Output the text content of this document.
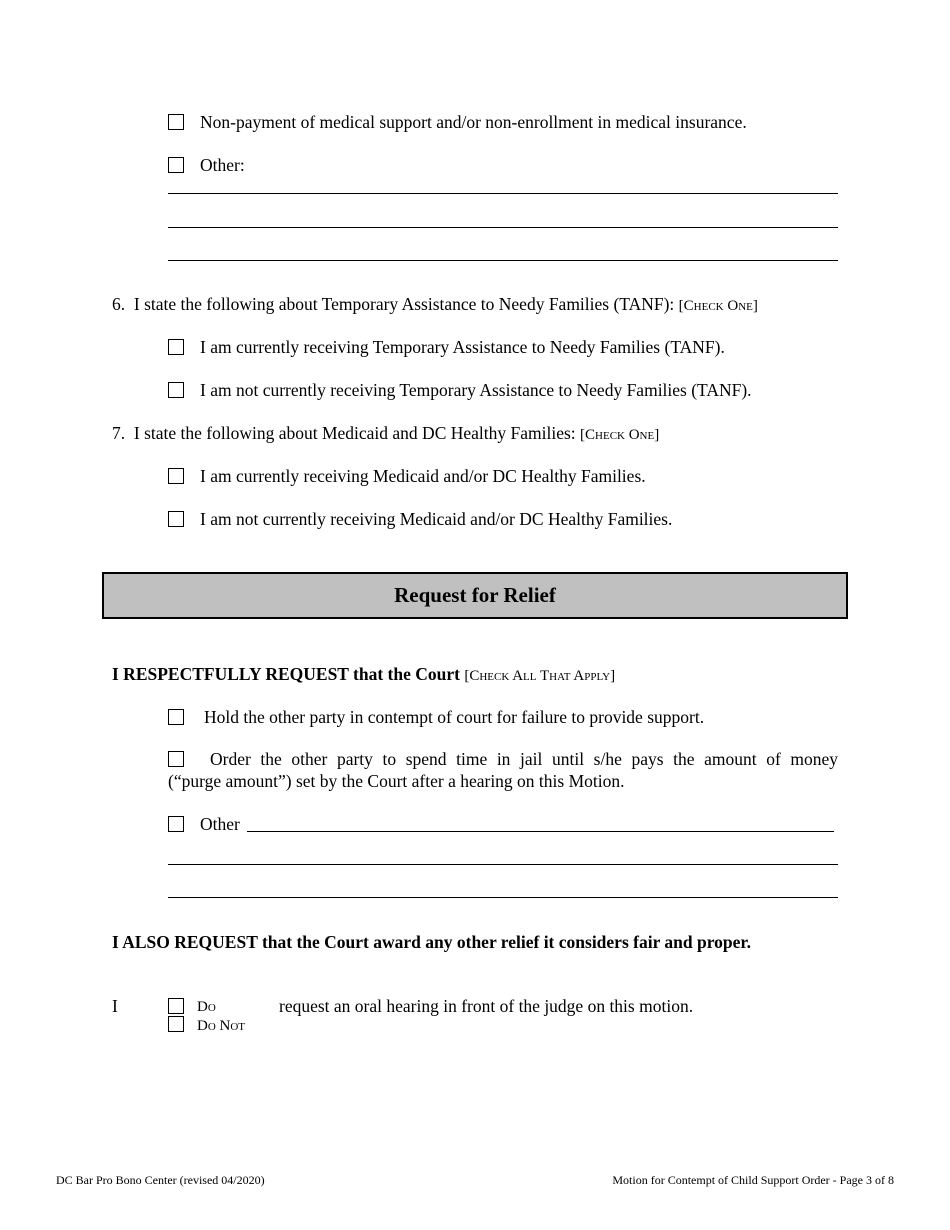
Non-payment of medical support and/or non-enrollment in medical insurance.
Other:
6. I state the following about Temporary Assistance to Needy Families (TANF): [Check One]
I am currently receiving Temporary Assistance to Needy Families (TANF).
I am not currently receiving Temporary Assistance to Needy Families (TANF).
7. I state the following about Medicaid and DC Healthy Families: [Check One]
I am currently receiving Medicaid and/or DC Healthy Families.
I am not currently receiving Medicaid and/or DC Healthy Families.
Request for Relief
I RESPECTFULLY REQUEST that the Court [Check All That Apply]
Hold the other party in contempt of court for failure to provide support.
Order the other party to spend time in jail until s/he pays the amount of money
(“purge amount”) set by the Court after a hearing on this Motion.
Other
I ALSO REQUEST that the Court award any other relief it considers fair and proper.
I	Do
Do Not
request an oral hearing in front of the judge on this motion.
DC Bar Pro Bono Center (revised 04/2020)	Motion for Contempt of Child Support Order - Page 3 of 8
